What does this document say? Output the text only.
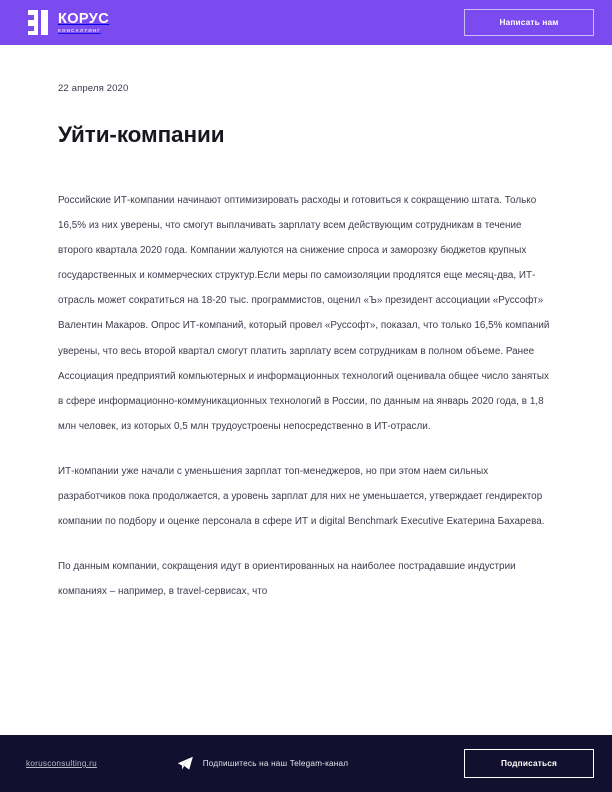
КОРУС
КОНСАЛТИНГ
Написать нам
22 апреля 2020
Уйти-компании

Российские ИТ-компании начинают оптимизировать расходы и готовиться к сокращению штата. Только 16,5% из них уверены, что смогут выплачивать зарплату всем действующим сотрудникам в течение второго квартала 2020 года. Компании жалуются на снижение спроса и заморозку бюджетов крупных государственных и коммерческих структур.Если меры по самоизоляции продлятся еще месяц-два, ИТ-отрасль может сократиться на 18-20 тыс. программистов, оценил «Ъ» президент ассоциации «Руссофт» Валентин Макаров. Опрос ИТ-компаний, который провел «Руссофт», показал, что только 16,5% компаний уверены, что весь второй квартал смогут платить зарплату всем сотрудникам в полном объеме. Ранее Ассоциация предприятий компьютерных и информационных технологий оценивала общее число занятых в сфере информационно-коммуникационных технологий в России, по данным на январь 2020 года, в 1,8 млн человек, из которых 0,5 млн трудоустроены непосредственно в ИТ-отрасли.

ИТ-компании уже начали с уменьшения зарплат топ-менеджеров, но при этом наем сильных разработчиков пока продолжается, а уровень зарплат для них не уменьшается, утверждает гендиректор компании по подбору и оценке персонала в сфере ИТ и digital Benchmark Executive Екатерина Бахарева.

По данным компании, сокращения идут в ориентированных на наиболее пострадавшие индустрии компаниях – например, в travel-сервисах, что

korusconsulting.ru	Подпишитесь на наш Telegam-канал	Подписаться
